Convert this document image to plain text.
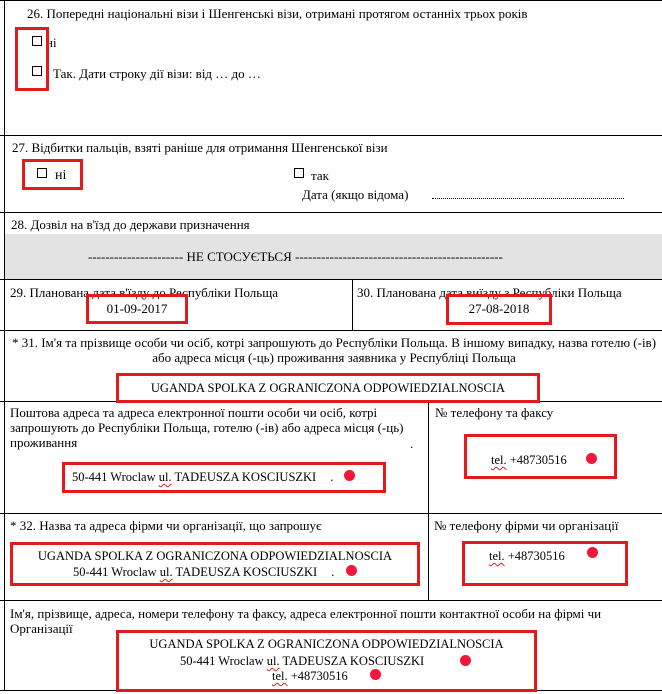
26. Попередні національні візи і Шенгенські візи, отримані протягом останніх трьох років
ні
Так. Дати строку дії візи: від … до …
27. Відбитки пальців, взяті раніше для отримання Шенгенської візи
ні	так
Дата (якщо відома)
28. Дозвіл на в'їзд до держави призначення
---------------------- НЕ СТОСУЄТЬСЯ ------------------------------------------------
29. Планована дата в'їзду до Республіки Польща
01-09-2017
30. Планована дата виїзду з Республіки Польща
27-08-2018
* 31. Ім'я та прізвище особи чи осіб, котрі запрошують до Республіки Польща. В іншому випадку, назва готелю (-ів) або адреса місця (-ць) проживання заявника у Республіці Польща
UGANDA SPOLKA Z OGRANICZONA ODPOWIEDZIALNOSCIA
Поштова адреса та адреса електронної пошти особи чи осіб, котрі запрошують до Республіки Польща, готелю (-ів) або адреса місця (-ць) проживання	.
50-441 Wroclaw ul. TADEUSZA KOSCIUSZKI .
№ телефону та факсу
tel. +48730516
* 32. Назва та адреса фірми чи організації, що запрошує
UGANDA SPOLKA Z OGRANICZONA ODPOWIEDZIALNOSCIA
50-441 Wroclaw ul. TADEUSZA KOSCIUSZKI .
№ телефону фірми чи організації
tel. +48730516
Ім'я, прізвище, адреса, номери телефону та факсу, адреса електронної пошти контактної особи на фірмі чи Організації
UGANDA SPOLKA Z OGRANICZONA ODPOWIEDZIALNOSCIA
50-441 Wroclaw ul. TADEUSZA KOSCIUSZKI
tel. +48730516
